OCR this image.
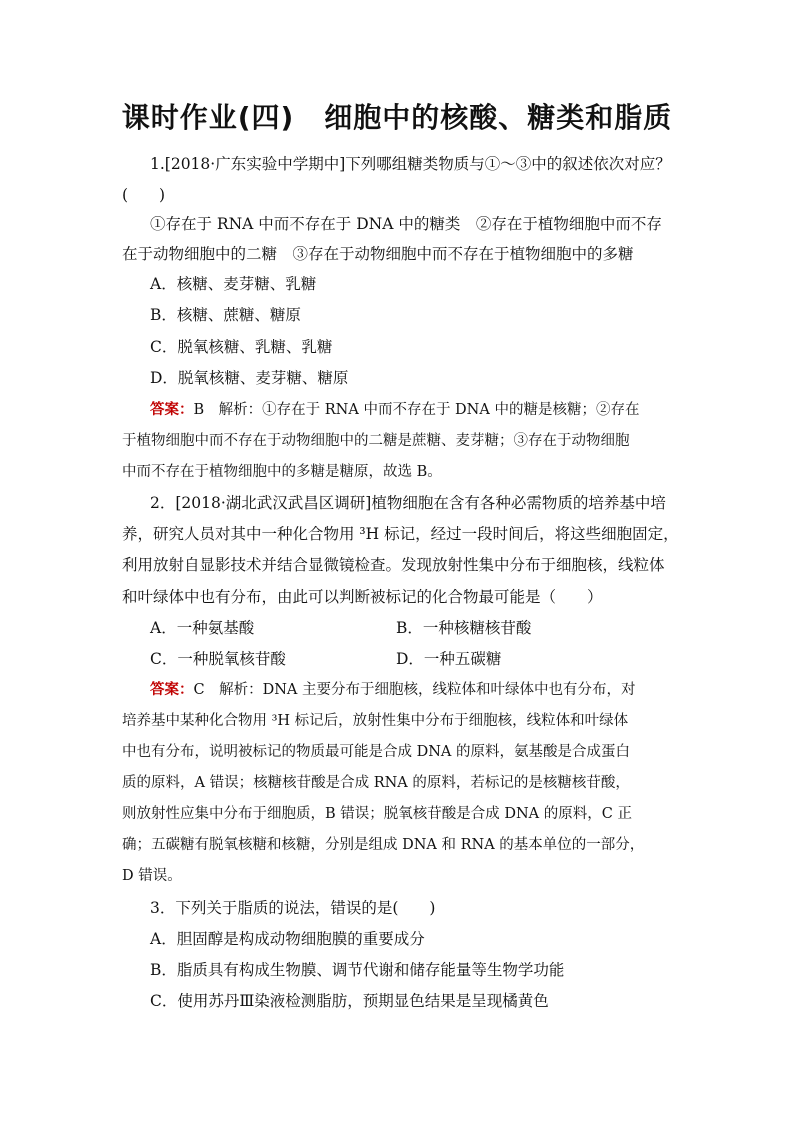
课时作业(四) 细胞中的核酸、糖类和脂质
1.[2018·广东实验中学期中]下列哪组糖类物质与①～③中的叙述依次对应？
(　　)
①存在于 RNA 中而不存在于 DNA 中的糖类　②存在于植物细胞中而不存
在于动物细胞中的二糖　③存在于动物细胞中而不存在于植物细胞中的多糖
A．核糖、麦芽糖、乳糖
B．核糖、蔗糖、糖原
C．脱氧核糖、乳糖、乳糖
D．脱氧核糖、麦芽糖、糖原
答案：B　解析：①存在于 RNA 中而不存在于 DNA 中的糖是核糖；②存在
于植物细胞中而不存在于动物细胞中的二糖是蔗糖、麦芽糖；③存在于动物细胞
中而不存在于植物细胞中的多糖是糖原，故选 B。
2．[2018·湖北武汉武昌区调研]植物细胞在含有各种必需物质的培养基中培
养，研究人员对其中一种化合物用 ³H 标记，经过一段时间后，将这些细胞固定，
利用放射自显影技术并结合显微镜检查。发现放射性集中分布于细胞核，线粒体
和叶绿体中也有分布，由此可以判断被标记的化合物最可能是（　　）
A．一种氨基酸	B．一种核糖核苷酸
C．一种脱氧核苷酸	D．一种五碳糖
答案：C　解析：DNA 主要分布于细胞核，线粒体和叶绿体中也有分布，对
培养基中某种化合物用 ³H 标记后，放射性集中分布于细胞核，线粒体和叶绿体
中也有分布，说明被标记的物质最可能是合成 DNA 的原料，氨基酸是合成蛋白
质的原料，A 错误；核糖核苷酸是合成 RNA 的原料，若标记的是核糖核苷酸，
则放射性应集中分布于细胞质，B 错误；脱氧核苷酸是合成 DNA 的原料，C 正
确；五碳糖有脱氧核糖和核糖，分别是组成 DNA 和 RNA 的基本单位的一部分，
D 错误。
3．下列关于脂质的说法，错误的是(　　)
A．胆固醇是构成动物细胞膜的重要成分
B．脂质具有构成生物膜、调节代谢和储存能量等生物学功能
C．使用苏丹Ⅲ染液检测脂肪，预期显色结果是呈现橘黄色
